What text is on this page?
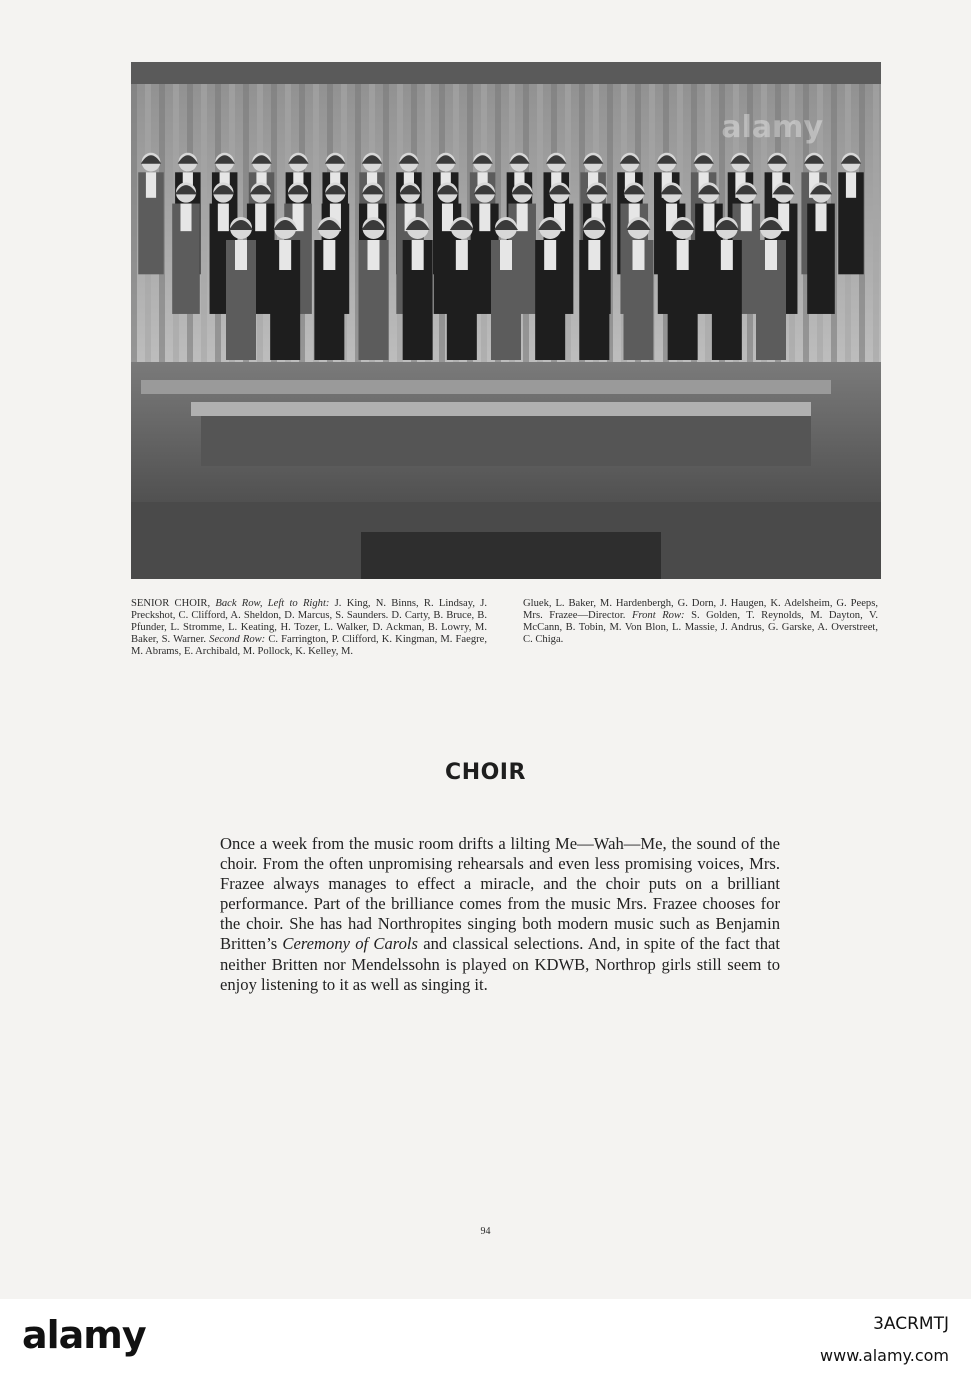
alamy
SENIOR CHOIR, Back Row, Left to Right: J. King, N. Binns, R. Lindsay, J. Preckshot, C. Clifford, A. Sheldon, D. Marcus, S. Saunders. D. Carty, B. Bruce, B. Pfunder, L. Stromme, L. Keating, H. Tozer, L. Walker, D. Ackman, B. Lowry, M. Baker, S. Warner. Second Row: C. Farrington, P. Clifford, K. Kingman, M. Faegre, M. Abrams, E. Archibald, M. Pollock, K. Kelley, M.
Gluek, L. Baker, M. Hardenbergh, G. Dorn, J. Haugen, K. Adelsheim, G. Peeps, Mrs. Frazee—Director. Front Row: S. Golden, T. Reynolds, M. Dayton, V. McCann, B. Tobin, M. Von Blon, L. Massie, J. Andrus, G. Garske, A. Overstreet, C. Chiga.
CHOIR
Once a week from the music room drifts a lilting Me—Wah—Me, the sound of the choir. From the often unpromising rehearsals and even less promising voices, Mrs. Frazee always manages to effect a miracle, and the choir puts on a brilliant performance. Part of the brilliance comes from the music Mrs. Frazee chooses for the choir. She has had Northropites singing both modern music such as Benjamin Britten’s Ceremony of Carols and classical selections. And, in spite of the fact that neither Britten nor Mendelssohn is played on KDWB, Northrop girls still seem to enjoy listening to it as well as singing it.
94
alamy	3ACRMTJ
www.alamy.com
